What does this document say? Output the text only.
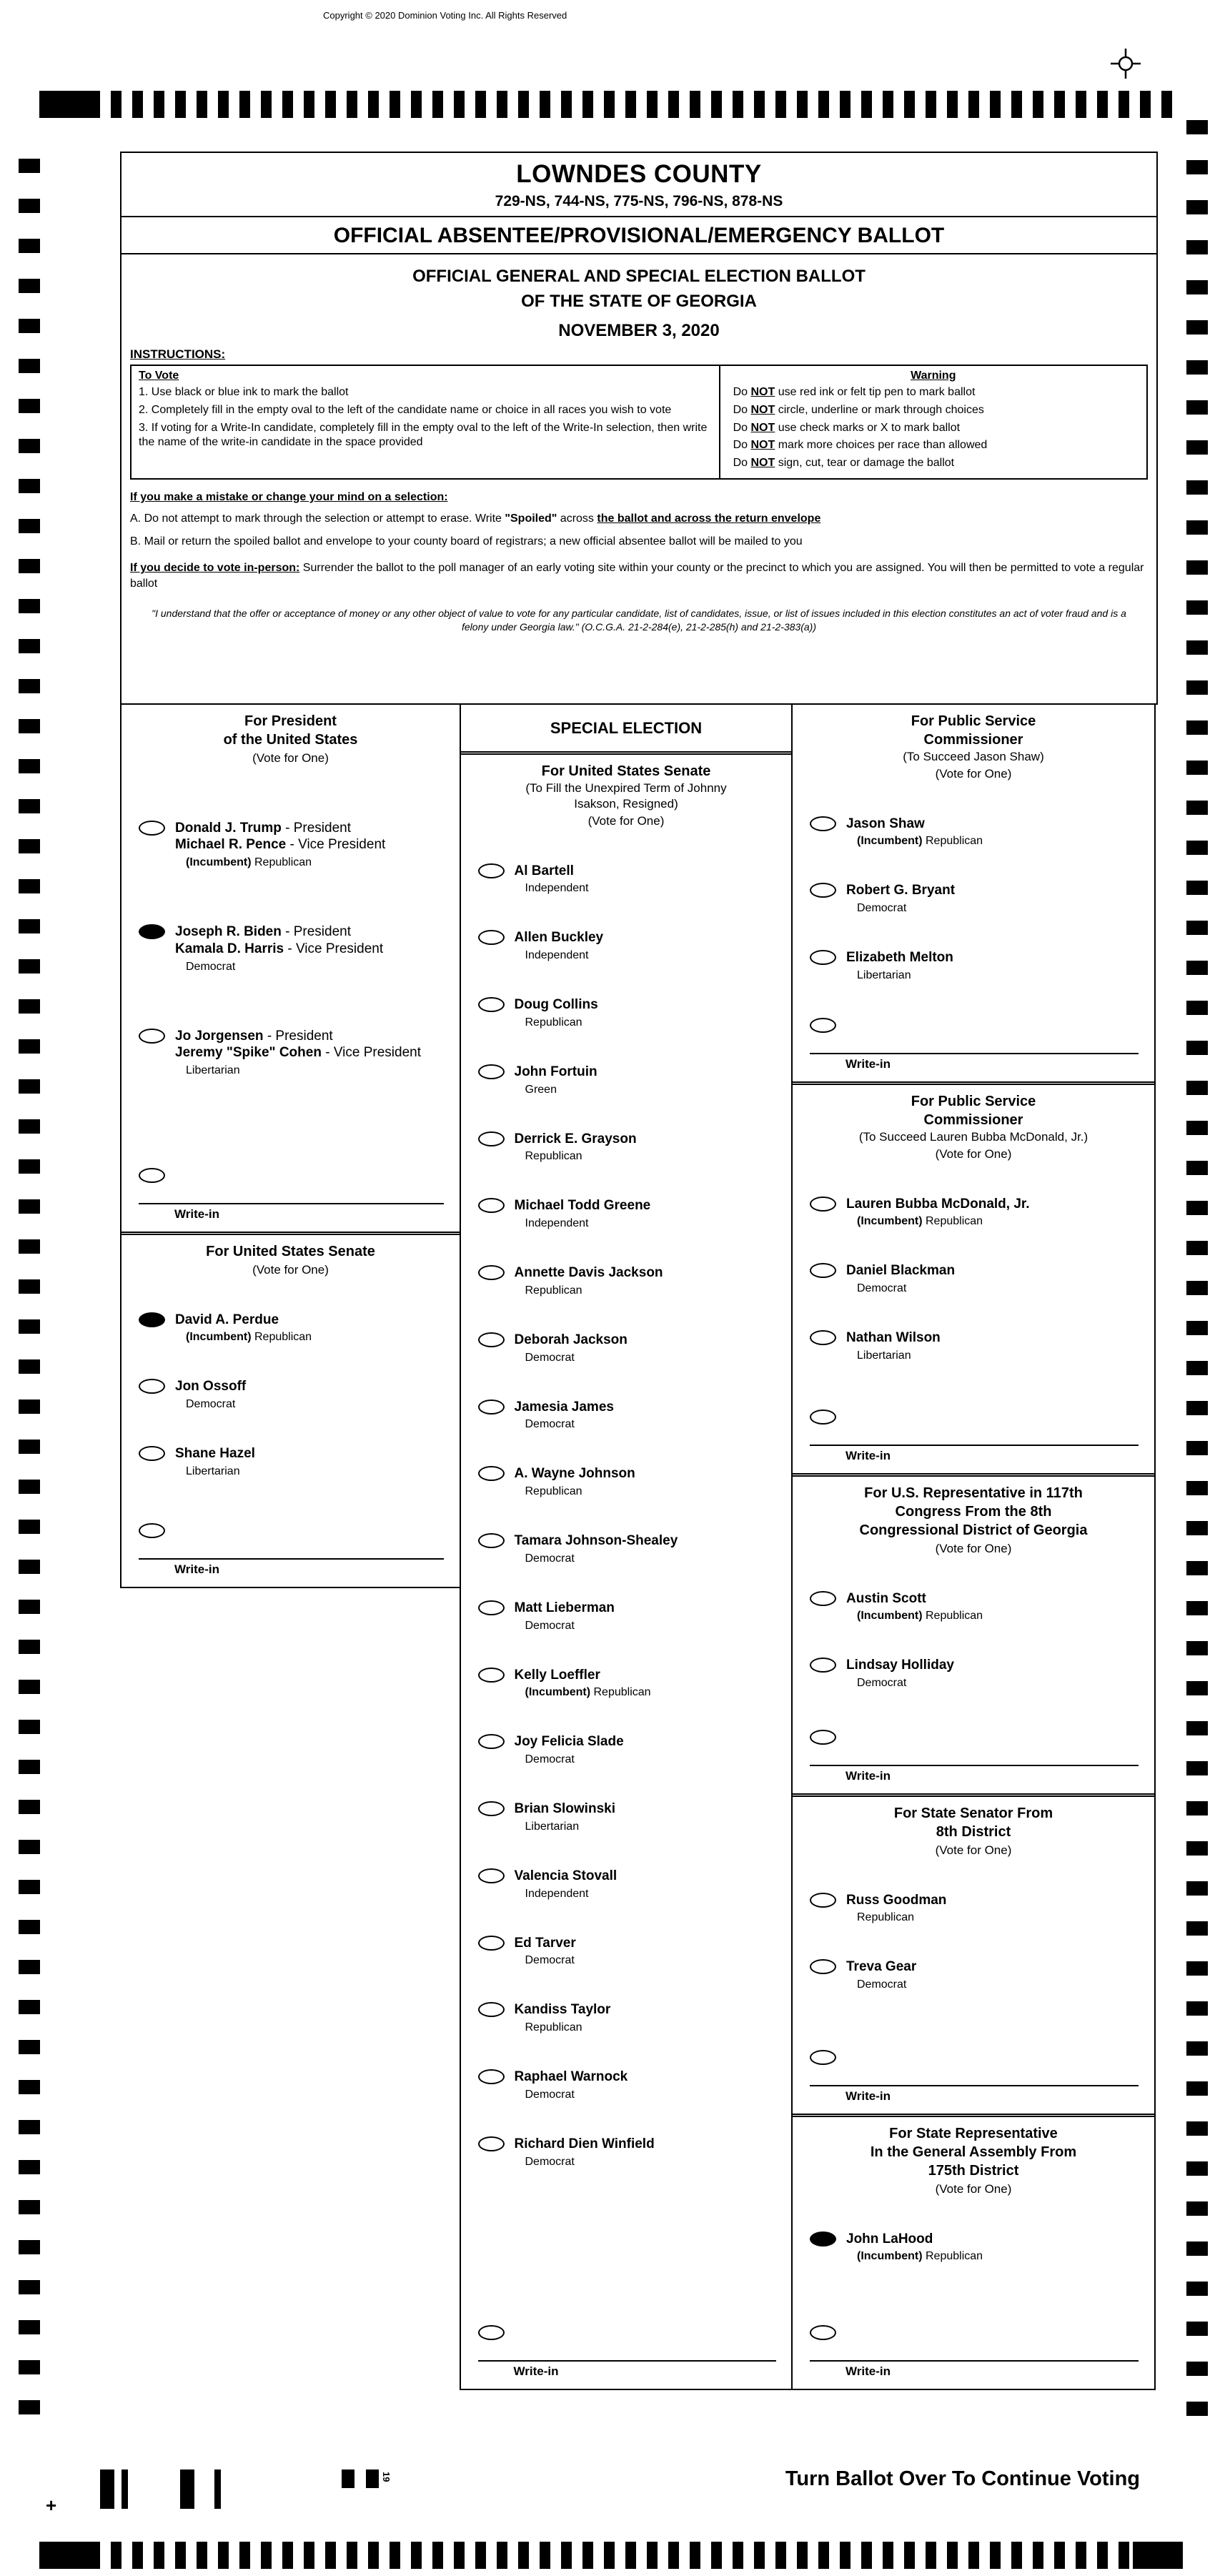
Copyright © 2020 Dominion Voting Inc. All Rights Reserved
LOWNDES COUNTY
729-NS, 744-NS, 775-NS, 796-NS, 878-NS
OFFICIAL ABSENTEE/PROVISIONAL/EMERGENCY BALLOT
OFFICIAL GENERAL AND SPECIAL ELECTION BALLOT
OF THE STATE OF GEORGIA
NOVEMBER 3, 2020
INSTRUCTIONS:
To Vote
1. Use black or blue ink to mark the ballot
2. Completely fill in the empty oval to the left of the candidate name or choice in all races you wish to vote
3. If voting for a Write-In candidate, completely fill in the empty oval to the left of the Write-In selection, then write the name of the write-in candidate in the space provided
Warning
Do NOT use red ink or felt tip pen to mark ballot
Do NOT circle, underline or mark through choices
Do NOT use check marks or X to mark ballot
Do NOT mark more choices per race than allowed
Do NOT sign, cut, tear or damage the ballot
If you make a mistake or change your mind on a selection:
A. Do not attempt to mark through the selection or attempt to erase. Write "Spoiled" across the ballot and across the return envelope
B. Mail or return the spoiled ballot and envelope to your county board of registrars; a new official absentee ballot will be mailed to you
If you decide to vote in-person: Surrender the ballot to the poll manager of an early voting site within your county or the precinct to which you are assigned. You will then be permitted to vote a regular ballot
"I understand that the offer or acceptance of money or any other object of value to vote for any particular candidate, list of candidates, issue, or list of issues included in this election constitutes an act of voter fraud and is a felony under Georgia law." (O.C.G.A. 21-2-284(e), 21-2-285(h) and 21-2-383(a))
For President
of the United States
(Vote for One)
Donald J. Trump - President
Michael R. Pence - Vice President
(Incumbent) Republican
Joseph R. Biden - President
Kamala D. Harris - Vice President
Democrat
Jo Jorgensen - President
Jeremy "Spike" Cohen - Vice President
Libertarian
Write-in
For United States Senate
(Vote for One)
David A. Perdue
(Incumbent) Republican
Jon Ossoff
Democrat
Shane Hazel
Libertarian
Write-in
SPECIAL ELECTION
For United States Senate
(To Fill the Unexpired Term of Johnny
Isakson, Resigned)
(Vote for One)
Al Bartell
Independent
Allen Buckley
Independent
Doug Collins
Republican
John Fortuin
Green
Derrick E. Grayson
Republican
Michael Todd Greene
Independent
Annette Davis Jackson
Republican
Deborah Jackson
Democrat
Jamesia James
Democrat
A. Wayne Johnson
Republican
Tamara Johnson-Shealey
Democrat
Matt Lieberman
Democrat
Kelly Loeffler
(Incumbent) Republican
Joy Felicia Slade
Democrat
Brian Slowinski
Libertarian
Valencia Stovall
Independent
Ed Tarver
Democrat
Kandiss Taylor
Republican
Raphael Warnock
Democrat
Richard Dien Winfield
Democrat
Write-in
For Public Service
Commissioner
(To Succeed Jason Shaw)
(Vote for One)
Jason Shaw
(Incumbent) Republican
Robert G. Bryant
Democrat
Elizabeth Melton
Libertarian
Write-in
For Public Service
Commissioner
(To Succeed Lauren Bubba McDonald, Jr.)
(Vote for One)
Lauren Bubba McDonald, Jr.
(Incumbent) Republican
Daniel Blackman
Democrat
Nathan Wilson
Libertarian
Write-in
For U.S. Representative in 117th
Congress From the 8th
Congressional District of Georgia
(Vote for One)
Austin Scott
(Incumbent) Republican
Lindsay Holliday
Democrat
Write-in
For State Senator From
8th District
(Vote for One)
Russ Goodman
Republican
Treva Gear
Democrat
Write-in
For State Representative
In the General Assembly From
175th District
(Vote for One)
John LaHood
(Incumbent) Republican
Write-in
Turn Ballot Over To Continue Voting
+
19
